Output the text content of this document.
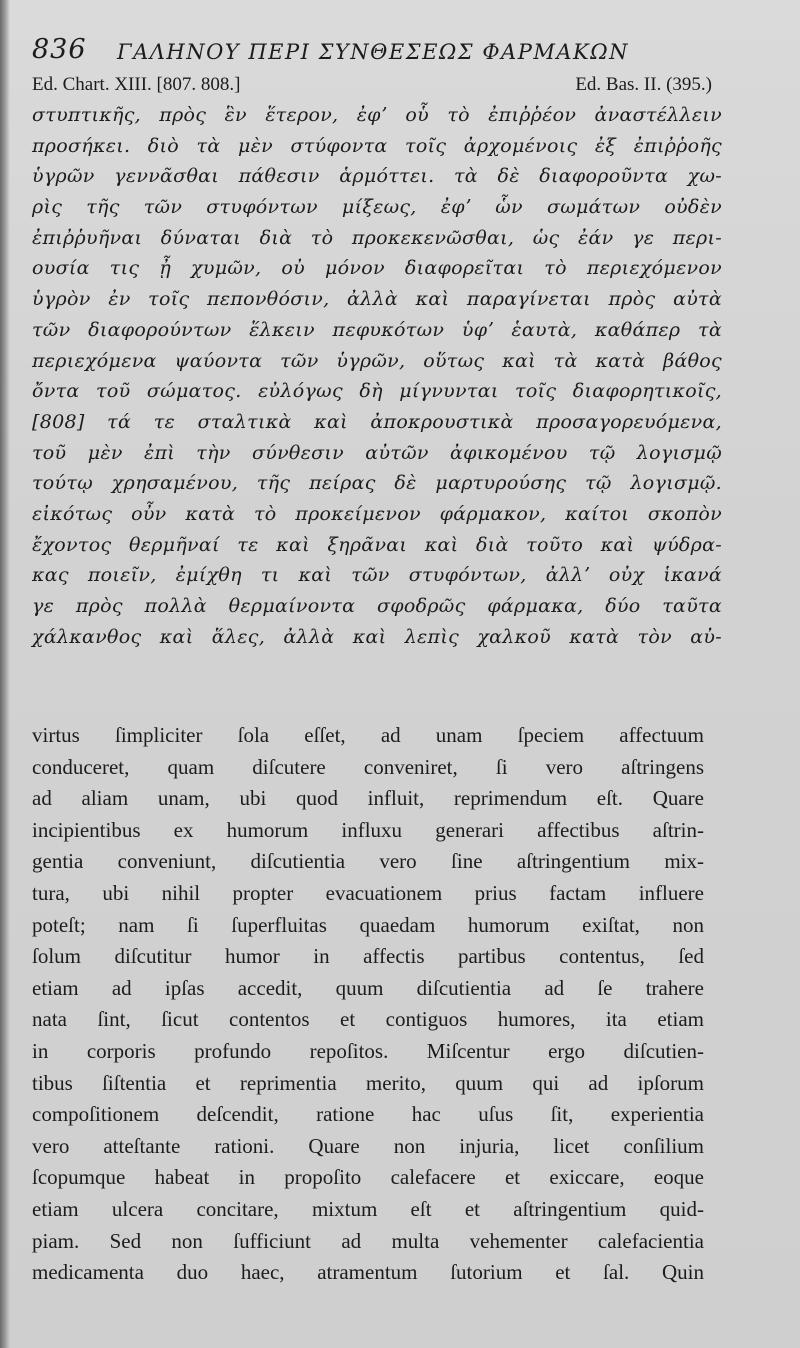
836 ΓΑΛΗΝΟΥ ΠΕΡΙ ΣΥΝΘΕΣΕΩΣ ΦΑΡΜΑΚΩΝ
Ed. Chart. XIII. [807. 808.]	Ed. Bas. II. (395.)
στυπτικῆς, πρὸς ἓν ἕτερον, ἐφʼ οὗ τὸ ἐπιῤῥέον ἀναστέλλειν
προσήκει. διὸ τὰ μὲν στύφοντα τοῖς ἀρχομένοις ἐξ ἐπιῤῥοῆς
ὑγρῶν γεννᾶσθαι πάθεσιν ἁρμόττει. τὰ δὲ διαφοροῦντα χω-
ρὶς τῆς τῶν στυφόντων μίξεως, ἐφʼ ὧν σωμάτων οὐδὲν
ἐπιῤῥυῆναι δύναται διὰ τὸ προκεκενῶσθαι, ὡς ἐάν γε περι-
ουσία τις ᾖ χυμῶν, οὐ μόνον διαφορεῖται τὸ περιεχόμενον
ὑγρὸν ἐν τοῖς πεπονθόσιν, ἀλλὰ καὶ παραγίνεται πρὸς αὐτὰ
τῶν διαφορούντων ἕλκειν πεφυκότων ὑφʼ ἑαυτὰ, καθάπερ τὰ
περιεχόμενα ψαύοντα τῶν ὑγρῶν, οὕτως καὶ τὰ κατὰ βάθος
ὄντα τοῦ σώματος. εὐλόγως δὴ μίγνυνται τοῖς διαφορητικοῖς,
[808] τά τε σταλτικὰ καὶ ἀποκρουστικὰ προσαγορευόμενα,
τοῦ μὲν ἐπὶ τὴν σύνθεσιν αὐτῶν ἀφικομένου τῷ λογισμῷ
τούτῳ χρησαμένου, τῆς πείρας δὲ μαρτυρούσης τῷ λογισμῷ.
εἰκότως οὖν κατὰ τὸ προκείμενον φάρμακον, καίτοι σκοπὸν
ἔχοντος θερμῆναί τε καὶ ξηρᾶναι καὶ διὰ τοῦτο καὶ ψύδρα-
κας ποιεῖν, ἐμίχθη τι καὶ τῶν στυφόντων, ἀλλʼ οὐχ ἱκανά
γε πρὸς πολλὰ θερμαίνοντα σφοδρῶς φάρμακα, δύο ταῦτα
χάλκανθος καὶ ἅλες, ἀλλὰ καὶ λεπὶς χαλκοῦ κατὰ τὸν αὐ-
virtus ſimpliciter ſola eſſet, ad unam ſpeciem affectuum
conduceret, quam diſcutere conveniret, ſi vero aſtringens
ad aliam unam, ubi quod influit, reprimendum eſt. Quare
incipientibus ex humorum influxu generari affectibus aſtrin-
gentia conveniunt, diſcutientia vero ſine aſtringentium mix-
tura, ubi nihil propter evacuationem prius factam influere
poteſt; nam ſi ſuperfluitas quaedam humorum exiſtat, non
ſolum diſcutitur humor in affectis partibus contentus, ſed
etiam ad ipſas accedit, quum diſcutientia ad ſe trahere
nata ſint, ſicut contentos et contiguos humores, ita etiam
in corporis profundo repoſitos. Miſcentur ergo diſcutien-
tibus ſiſtentia et reprimentia merito, quum qui ad ipſorum
compoſitionem deſcendit, ratione hac uſus ſit, experientia
vero atteſtante rationi. Quare non injuria, licet conſilium
ſcopumque habeat in propoſito calefacere et exiccare, eoque
etiam ulcera concitare, mixtum eſt et aſtringentium quid-
piam. Sed non ſufficiunt ad multa vehementer calefacientia
medicamenta duo haec, atramentum ſutorium et ſal. Quin
